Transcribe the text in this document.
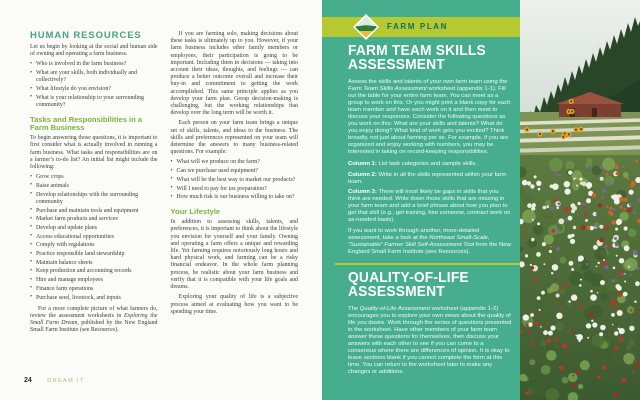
HUMAN RESOURCES

Let us begin by looking at the social and human side of owning and operating a farm business.

• Who is involved in the farm business?
• What are your skills, both individually and collectively?
• What lifestyle do you envision?
• What is your relationship to your surrounding community?
Tasks and Responsibilities in a Farm Business

To begin answering those questions, it is important to first consider what is actually involved in running a farm business. What tasks and responsibilities are on a farmer’s to-do list? An initial list might include the following:

• Grow crops
• Raise animals
• Develop relationships with the surrounding community
• Purchase and maintain tools and equipment
• Market farm products and services
• Develop and update plans
• Access educational opportunities
• Comply with regulations
• Practice responsible land stewardship
• Maintain balance sheets
• Keep production and accounting records
• Hire and manage employees
• Finance farm operations
• Purchase seed, livestock, and inputs

For a more complete picture of what farmers do, review the assessment worksheets in Exploring the Small Farm Dream, published by the New England Small Farm Institute (see Resources).

If you are farming solo, making decisions about these tasks is ultimately up to you. However, if your farm business includes other family members or employees, their participation is going to be important. Including them in decisions — taking into account their ideas, thoughts, and feelings — can produce a better outcome overall and increase their buy-in and commitment to getting the work accomplished. This same principle applies as you develop your farm plan. Group decision-making is challenging, but the working relationships that develop over the long term will be worth it.

Each person on your farm team brings a unique set of skills, talents, and ideas to the business. The skills and preferences represented on your team will determine the answers to many business-related questions. For example:

• What will we produce on the farm?
• Can we purchase used equipment?
• What will be the best way to market our products?
• Will I need to pay for tax preparation?
• How much risk is our business willing to take on?
Your Lifestyle

In addition to assessing skills, talents, and preferences, it is important to think about the lifestyle you envision for yourself and your family. Owning and operating a farm offers a unique and rewarding life. Yet farming requires notoriously long hours and hard physical work, and farming can be a risky financial endeavor. In the whole farm planning process, be realistic about your farm business and verify that it is compatible with your life goals and dreams.

Exploring your quality of life is a subjective process aimed at evaluating how you want to be spending your time.

24	DREAM IT
FARM PLAN
FARM TEAM SKILLS ASSESSMENT

Assess the skills and talents of your own farm team using the Farm Team Skills Assessment worksheet (appendix 1-1). Fill out the table for your entire farm team. You can meet as a group to work on this. Or you might print a blank copy for each team member and have each work on it and then meet to discuss your responses. Consider the following questions as you work on this: What are your skills and talents? What do you enjoy doing? What kind of work gets you excited? Think broadly, not just about farming per se. For example, if you are organized and enjoy working with numbers, you may be interested in taking on record-keeping responsibilities.

Column 1: List task categories and sample skills.

Column 2: Write in all the skills represented within your farm team.

Column 3: There will most likely be gaps in skills that you think are needed. Write down those skills that are missing in your farm team and add a brief phrase about how you plan to get that skill (e.g., get training, hire someone, contract work on as-needed basis).

If you want to work through another, more-detailed assessment, take a look at the Northeast Small-Scale, “Sustainable” Farmer Skill Self-Assessment Tool from the New England Small Farm Institute (see Resources).

QUALITY-OF-LIFE ASSESSMENT

The Quality-of-Life Assessment worksheet (appendix 1-2) encourages you to explore your own views about the quality of life you desire. Work through the series of questions presented in the worksheet. Have other members of your farm team answer these questions for themselves, then discuss your answers with each other to see if you can come to a consensus where there are differences of opinion. It is okay to leave sections blank if you cannot complete the form at this time. You can return to the worksheet later to make any changes or additions.
